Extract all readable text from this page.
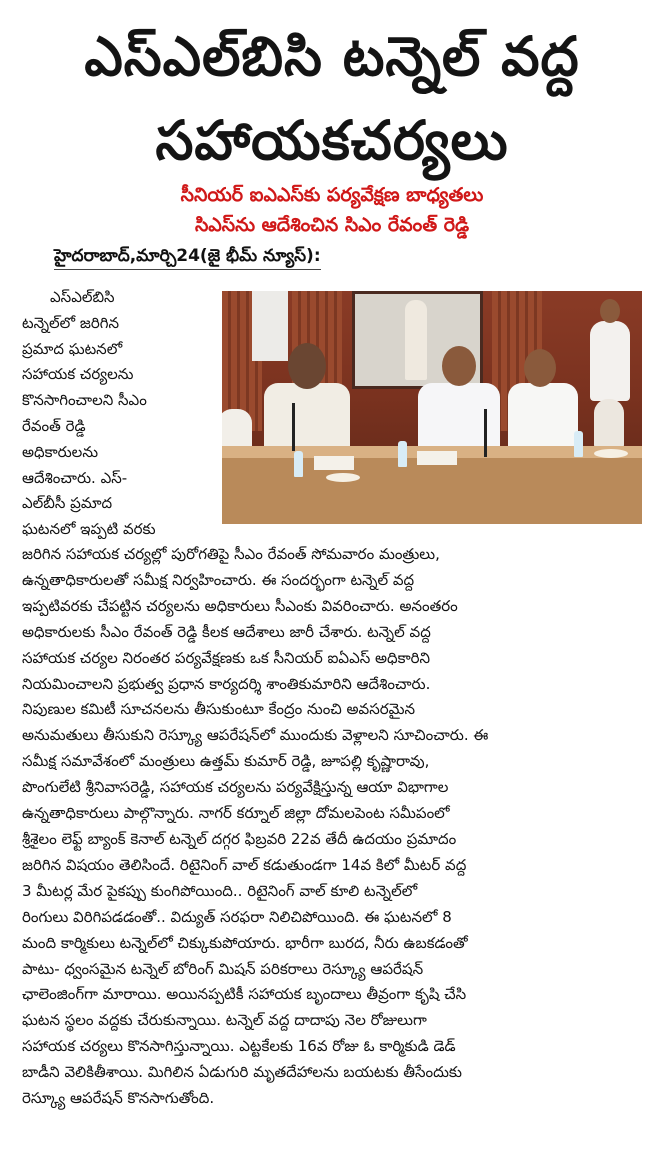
ఎస్ఎల్‌బిసి టన్నెల్ వద్ద
సహాయకచర్యలు
సీనియర్ ఐఎఎస్‌కు పర్యవేక్షణ బాధ్యతలు
సిఎస్‌ను ఆదేశించిన సిఎం రేవంత్ రెడ్డి
హైదరాబాద్,మార్చి24(జై భీమ్ న్యూస్):
ఎస్ఎల్‌బిసి
టన్నెల్‌లో జరిగిన
ప్రమాద ఘటనలో
సహాయక చర్యలను
కొనసాగించాలని సీఎం
రేవంత్ రెడ్డి
అధికారులను
ఆదేశించారు. ఎస్‌-
ఎల్‌బీసీ ప్రమాద
ఘటనలో ఇప్పటి వరకు
జరిగిన సహాయక చర్యల్లో పురోగతిపై సీఎం రేవంత్ సోమవారం మంత్రులు,
ఉన్నతాధికారులతో సమీక్ష నిర్వహించారు. ఈ సందర్భంగా టన్నెల్ వద్ద
ఇప్పటివరకు చేపట్టిన చర్యలను అధికారులు సీఎంకు వివరించారు. అనంతరం
అధికారులకు సీఎం రేవంత్ రెడ్డి కీలక ఆదేశాలు జారీ చేశారు. టన్నెల్ వద్ద
సహాయక చర్యల నిరంతర పర్యవేక్షణకు ఒక సీనియర్ ఐఏఎస్ అధికారిని
నియమించాలని ప్రభుత్వ ప్రధాన కార్యదర్శి శాంతికుమారిని ఆదేశించారు.
నిపుణుల కమిటీ సూచనలను తీసుకుంటూ కేంద్రం నుంచి అవసరమైన
అనుమతులు తీసుకుని రెస్క్యూ ఆపరేషన్‌లో ముందుకు వెళ్లాలని సూచించారు. ఈ
సమీక్ష సమావేశంలో మంత్రులు ఉత్తమ్ కుమార్ రెడ్డి, జూపల్లి కృష్ణారావు,
పొంగులేటి శ్రీనివాసరెడ్డి, సహాయక చర్యలను పర్యవేక్షిస్తున్న ఆయా విభాగాల
ఉన్నతాధికారులు పాల్గొన్నారు. నాగర్ కర్నూల్ జిల్లా దోమలపెంట సమీపంలో
శ్రీశైలం లెఫ్ట్ బ్యాంక్ కెనాల్ టన్నెల్ దగ్గర ఫిబ్రవరి 22వ తేదీ ఉదయం ప్రమాదం
జరిగిన విషయం తెలిసిందే. రిటైనింగ్ వాల్ కడుతుండగా 14వ కిలో మీటర్ వద్ద
3 మీటర్ల మేర పైకప్పు కుంగిపోయింది.. రిటైనింగ్ వాల్ కూలి టన్నెల్‌లో
రింగులు విరిగిపడడంతో.. విద్యుత్ సరఫరా నిలిచిపోయింది. ఈ ఘటనలో 8
మంది కార్మికులు టన్నెల్‌లో చిక్కుకుపోయారు. భారీగా బురద, నీరు ఉబకడంతో
పాటు- ధ్వంసమైన టన్నెల్ బోరింగ్ మిషన్ పరికరాలు రెస్క్యూ ఆపరేషన్
ఛాలెంజింగ్‌గా మారాయి. అయినప్పటికీ సహాయక బృందాలు తీవ్రంగా కృషి చేసి
ఘటన స్థలం వద్దకు చేరుకున్నాయి. టన్నెల్ వద్ద దాదాపు నెల రోజులుగా
సహాయక చర్యలు కొనసాగిస్తున్నాయి. ఎట్టకేలకు 16వ రోజు ఓ కార్మికుడి డెడ్
బాడీని వెలికితీశాయి. మిగిలిన ఏడుగురి మృతదేహాలను బయటకు తీసేందుకు
రెస్క్యూ ఆపరేషన్ కొనసాగుతోంది.
